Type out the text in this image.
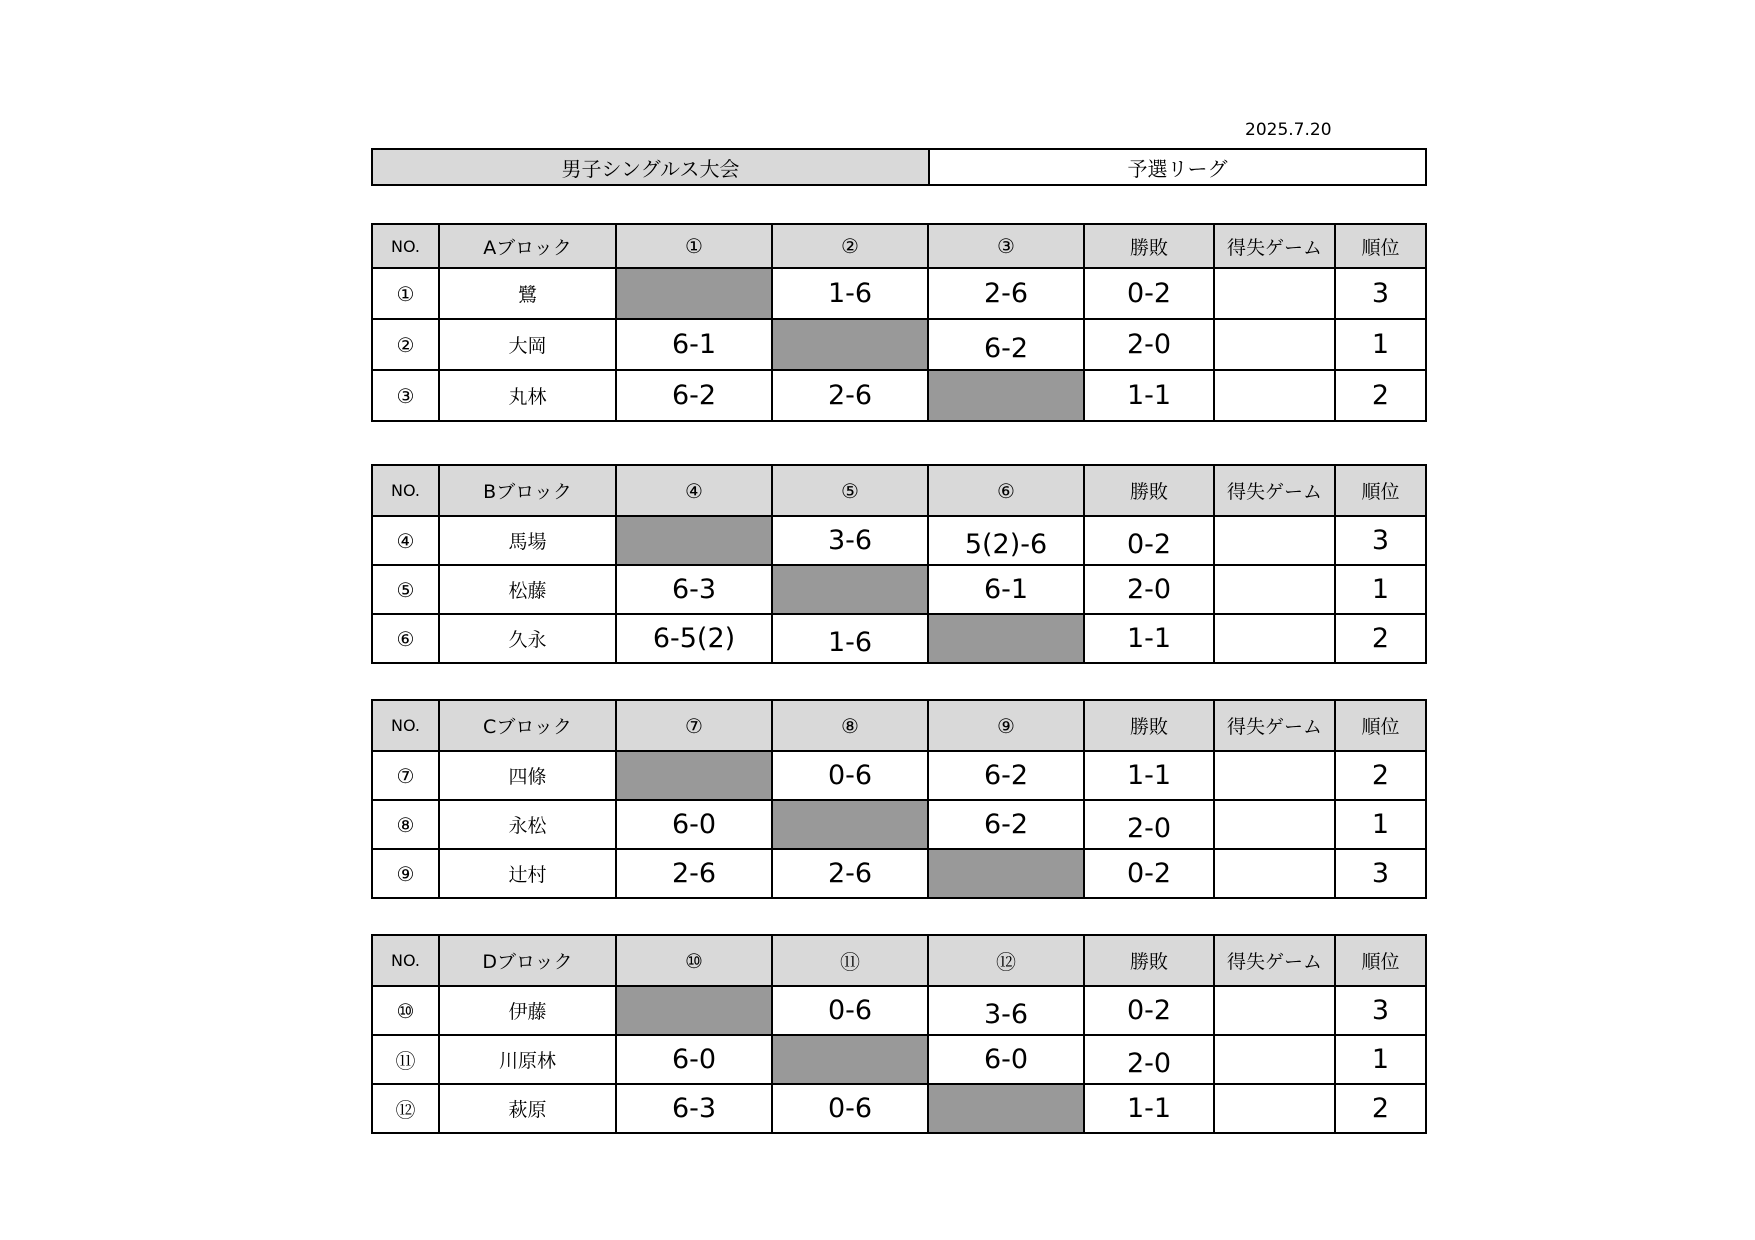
2025.7.20
男子シングルス大会	予選リーグ
NO.	Aブロック	①	②	③	勝敗	得失ゲーム	順位
①	鷺		1-6	2-6	0-2		3
②	大岡	6-1		6-2	2-0		1
③	丸林	6-2	2-6		1-1		2
NO.	Bブロック	④	⑤	⑥	勝敗	得失ゲーム	順位
④	馬場		3-6	5(2)-6	0-2		3
⑤	松藤	6-3		6-1	2-0		1
⑥	久永	6-5(2)	1-6		1-1		2
NO.	Cブロック	⑦	⑧	⑨	勝敗	得失ゲーム	順位
⑦	四條		0-6	6-2	1-1		2
⑧	永松	6-0		6-2	2-0		1
⑨	辻村	2-6	2-6		0-2		3
NO.	Dブロック	⑩	⑪	⑫	勝敗	得失ゲーム	順位
⑩	伊藤		0-6	3-6	0-2		3
⑪	川原林	6-0		6-0	2-0		1
⑫	萩原	6-3	0-6		1-1		2
